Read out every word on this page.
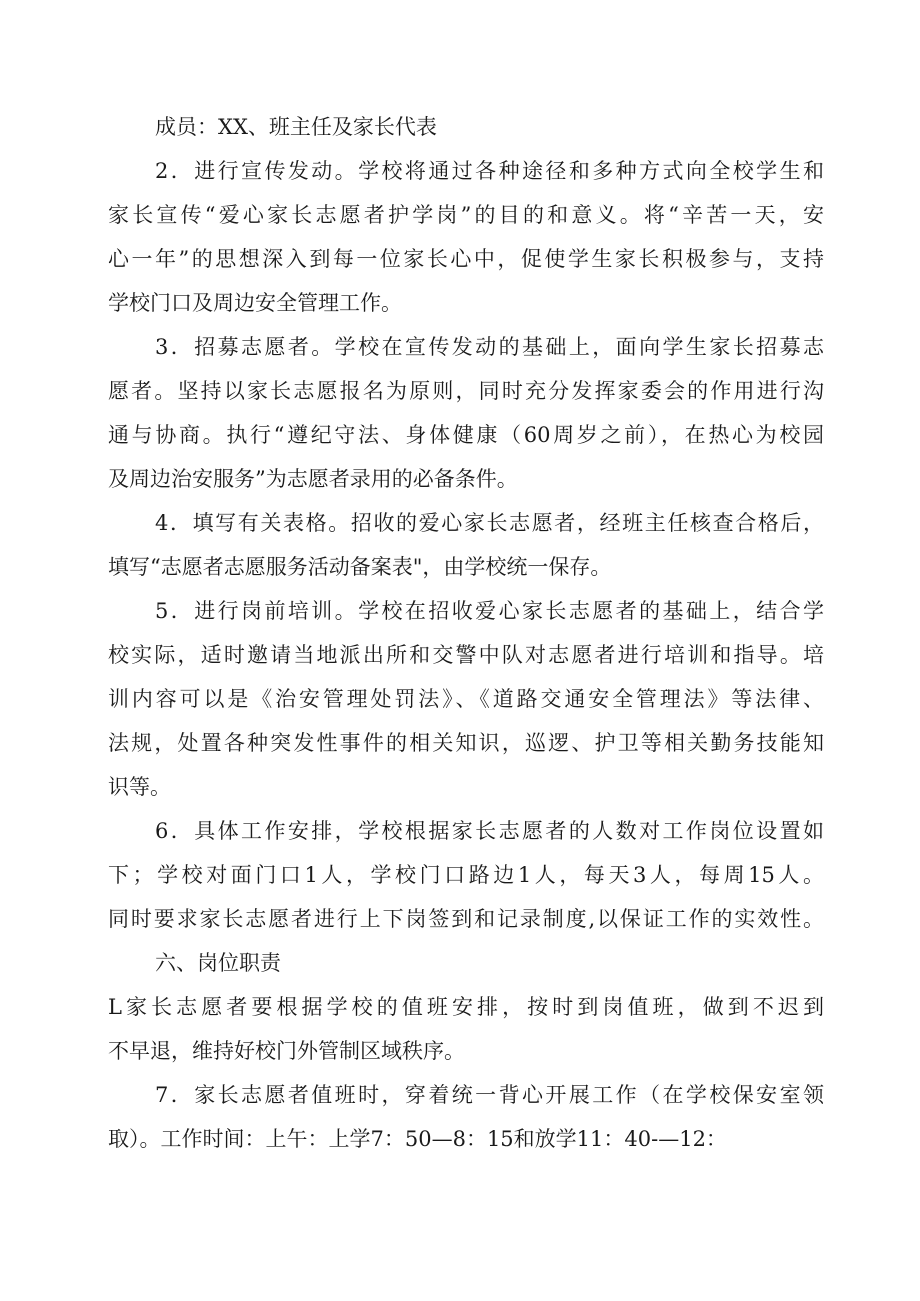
成员：XX、班主任及家长代表
2．进行宣传发动。学校将通过各种途径和多种方式向全校学生和
家长宣传“爱心家长志愿者护学岗”的目的和意义。将“辛苦一天，安
心一年”的思想深入到每一位家长心中，促使学生家长积极参与，支持
学校门口及周边安全管理工作。
3．招募志愿者。学校在宣传发动的基础上，面向学生家长招募志
愿者。坚持以家长志愿报名为原则，同时充分发挥家委会的作用进行沟
通与协商。执行“遵纪守法、身体健康（60周岁之前），在热心为校园
及周边治安服务”为志愿者录用的必备条件。
4．填写有关表格。招收的爱心家长志愿者，经班主任核查合格后，
填写“志愿者志愿服务活动备案表"，由学校统一保存。
5．进行岗前培训。学校在招收爱心家长志愿者的基础上，结合学
校实际，适时邀请当地派出所和交警中队对志愿者进行培训和指导。培
训内容可以是《治安管理处罚法》、《道路交通安全管理法》等法律、
法规，处置各种突发性事件的相关知识，巡逻、护卫等相关勤务技能知
识等。
6．具体工作安排，学校根据家长志愿者的人数对工作岗位设置如
下；学校对面门口1人，学校门口路边1人，每天3人，每周15人。
同时要求家长志愿者进行上下岗签到和记录制度,以保证工作的实效性。
六、岗位职责
L家长志愿者要根据学校的值班安排，按时到岗值班，做到不迟到
不早退，维持好校门外管制区域秩序。
7．家长志愿者值班时，穿着统一背心开展工作（在学校保安室领
取）。工作时间：上午：上学7：50—8：15和放学11：40-—12：
